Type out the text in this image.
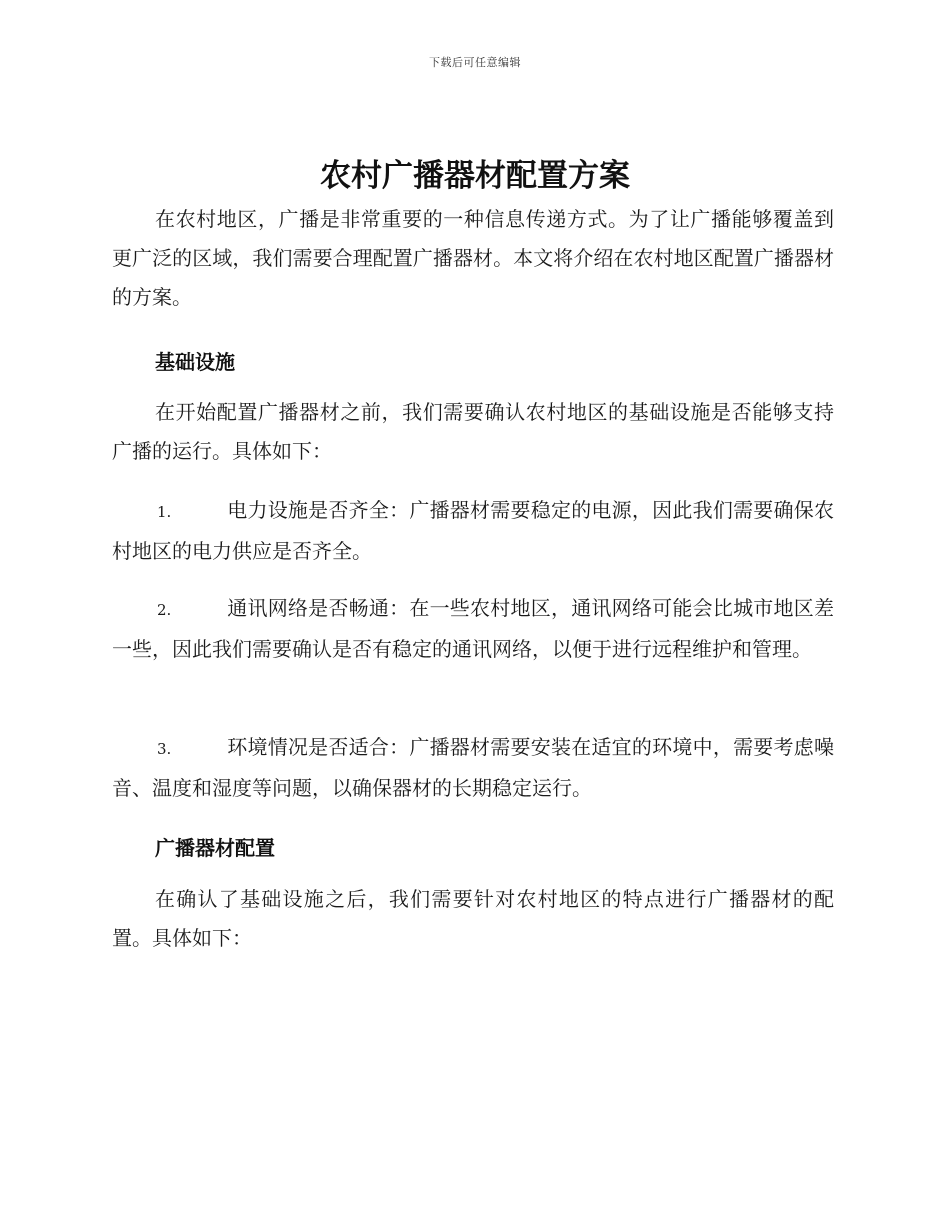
下载后可任意编辑
农村广播器材配置方案

在农村地区，广播是非常重要的一种信息传递方式。为了让广播能够覆盖到更广泛的区域，我们需要合理配置广播器材。本文将介绍在农村地区配置广播器材的方案。

基础设施

在开始配置广播器材之前，我们需要确认农村地区的基础设施是否能够支持广播的运行。具体如下：

1.	电力设施是否齐全：广播器材需要稳定的电源，因此我们需要确保农村地区的电力供应是否齐全。

2.	通讯网络是否畅通：在一些农村地区，通讯网络可能会比城市地区差一些，因此我们需要确认是否有稳定的通讯网络，以便于进行远程维护和管理。

3.	环境情况是否适合：广播器材需要安装在适宜的环境中，需要考虑噪音、温度和湿度等问题，以确保器材的长期稳定运行。

广播器材配置

在确认了基础设施之后，我们需要针对农村地区的特点进行广播器材的配置。具体如下：
